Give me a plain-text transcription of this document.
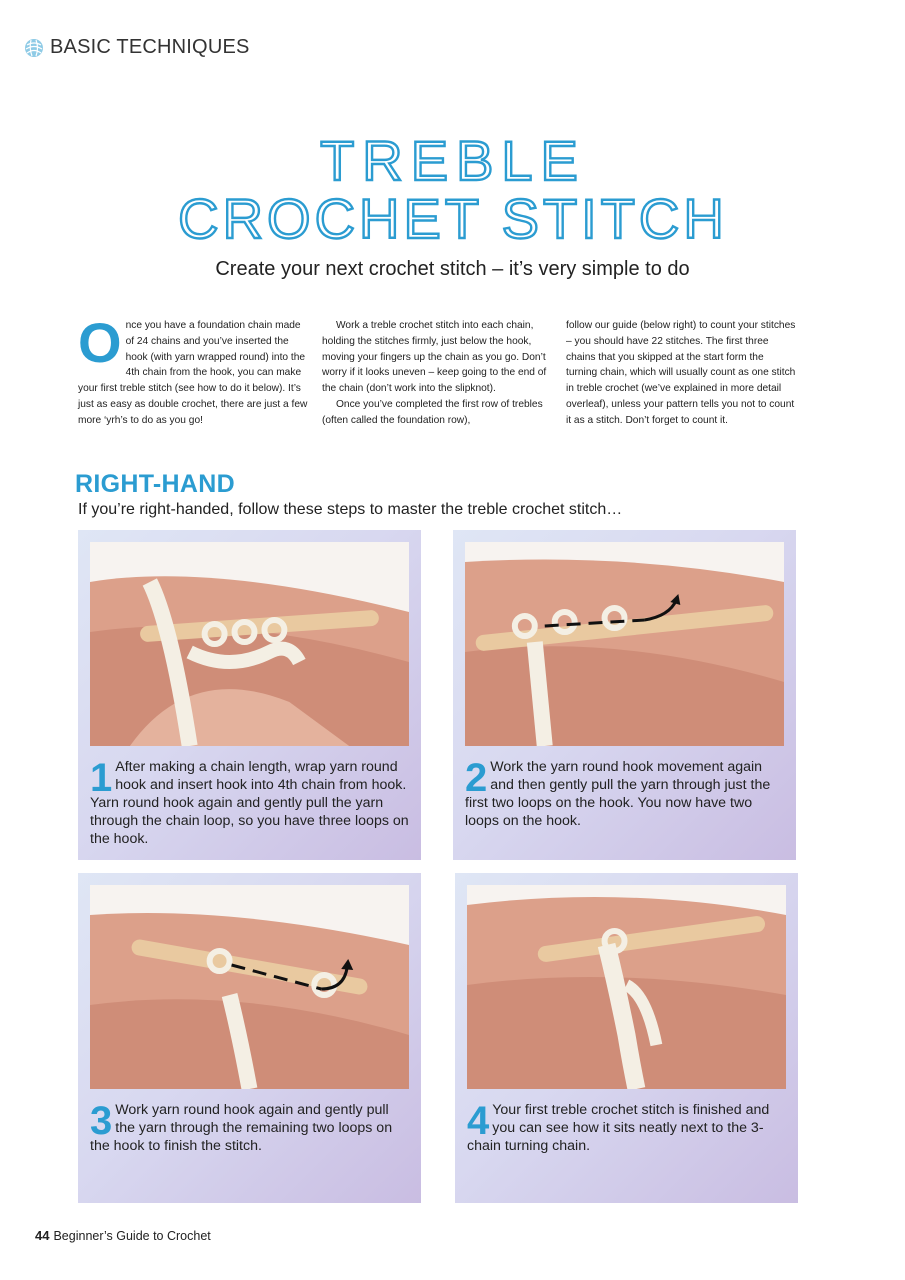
BASIC TECHNIQUES
TREBLE
CROCHET STITCH
Create your next crochet stitch – it’s very simple to do

Once you have a foundation chain made of 24 chains and you’ve inserted the hook (with yarn wrapped round) into the 4th chain from the hook, you can make your first treble stitch (see how to do it below). It’s just as easy as double crochet, there are just a few more ‘yrh’s to do as you go!

Work a treble crochet stitch into each chain, holding the stitches firmly, just below the hook, moving your fingers up the chain as you go. Don’t worry if it looks uneven – keep going to the end of the chain (don’t work into the slipknot).

Once you’ve completed the first row of trebles (often called the foundation row),

follow our guide (below right) to count your stitches – you should have 22 stitches. The first three chains that you skipped at the start form the turning chain, which will usually count as one stitch in treble crochet (we’ve explained in more detail overleaf), unless your pattern tells you not to count it as a stitch. Don’t forget to count it.

RIGHT-HAND
If you’re right-handed, follow these steps to master the treble crochet stitch…
1 After making a chain length, wrap yarn round hook and insert hook into 4th chain from hook. Yarn round hook again and gently pull the yarn through the chain loop, so you have three loops on the hook.
2 Work the yarn round hook movement again and then gently pull the yarn through just the first two loops on the hook. You now have two loops on the hook.
3 Work yarn round hook again and gently pull the yarn through the remaining two loops on the hook to finish the stitch.
4 Your first treble crochet stitch is finished and you can see how it sits neatly next to the 3-chain turning chain.
44 Beginner’s Guide to Crochet
